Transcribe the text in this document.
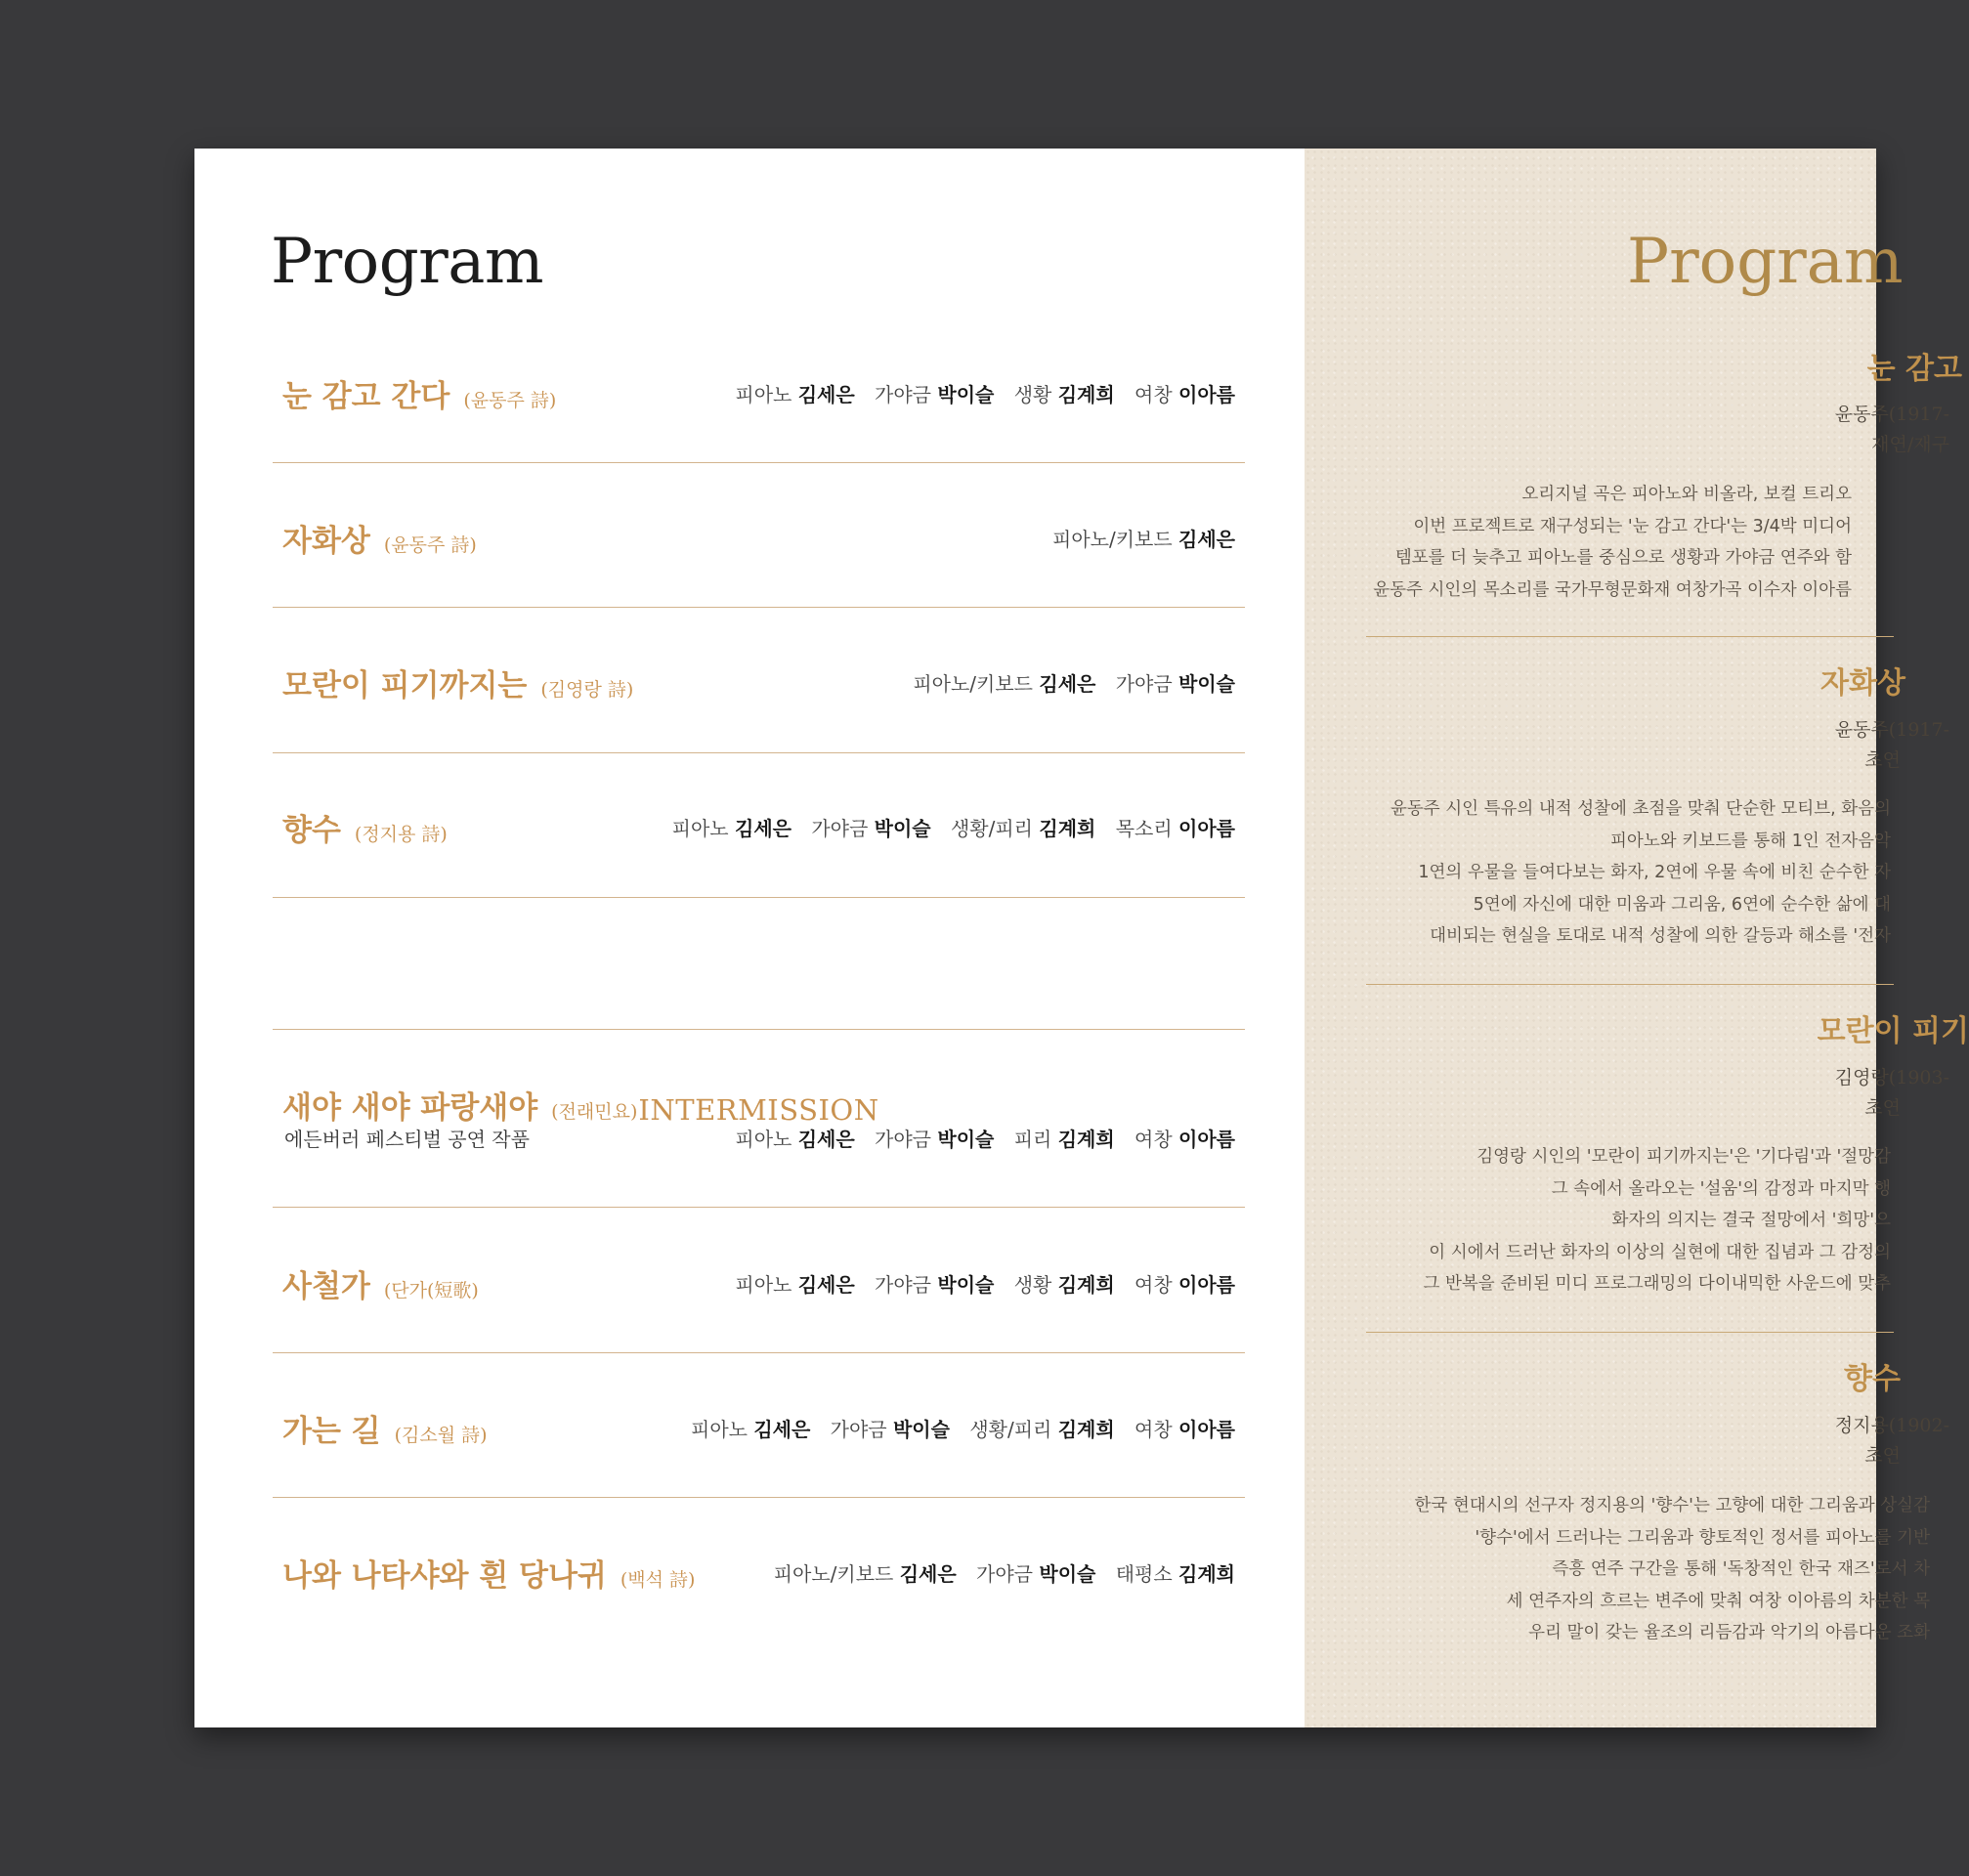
Program
눈 감고 간다 (윤동주 詩)	피아노 김세은 가야금 박이슬 생황 김계희 여창 이아름
자화상 (윤동주 詩)	피아노/키보드 김세은
모란이 피기까지는 (김영랑 詩)	피아노/키보드 김세은 가야금 박이슬
향수 (정지용 詩)	피아노 김세은 가야금 박이슬 생황/피리 김계희 목소리 이아름
INTERMISSION
새야 새야 파랑새야 (전래민요)
에든버러 페스티벌 공연 작품	피아노 김세은 가야금 박이슬 피리 김계희 여창 이아름
사철가 (단가(短歌)	피아노 김세은 가야금 박이슬 생황 김계희 여창 이아름
가는 길 (김소월 詩)	피아노 김세은 가야금 박이슬 생황/피리 김계희 여창 이아름
나와 나타샤와 흰 당나귀 (백석 詩)	피아노/키보드 김세은 가야금 박이슬 태평소 김계희
Program
눈 감고
윤동주(1917-
재연/재구
오리지널 곡은 피아노와 비올라, 보컬 트리오
이번 프로젝트로 재구성되는 '눈 감고 간다'는 3/4박 미디어
템포를 더 늦추고 피아노를 중심으로 생황과 가야금 연주와 함
윤동주 시인의 목소리를 국가무형문화재 여창가곡 이수자 이아름
자화상
윤동주(1917-
초연
윤동주 시인 특유의 내적 성찰에 초점을 맞춰 단순한 모티브, 화음의
피아노와 키보드를 통해 1인 전자음악
1연의 우물을 들여다보는 화자, 2연에 우물 속에 비친 순수한 자
5연에 자신에 대한 미움과 그리움, 6연에 순수한 삶에 대
대비되는 현실을 토대로 내적 성찰에 의한 갈등과 해소를 '전자
모란이 피기
김영랑(1903-
초연
김영랑 시인의 '모란이 피기까지는'은 '기다림'과 '절망감
그 속에서 올라오는 '설움'의 감정과 마지막 행
화자의 의지는 결국 절망에서 '희망'으
이 시에서 드러난 화자의 이상의 실현에 대한 집념과 그 감정의
그 반복을 준비된 미디 프로그래밍의 다이내믹한 사운드에 맞추
향수
정지용(1902-
초연
한국 현대시의 선구자 정지용의 '향수'는 고향에 대한 그리움과 상실감
'향수'에서 드러나는 그리움과 향토적인 정서를 피아노를 기반
즉흥 연주 구간을 통해 '독창적인 한국 재즈'로서 차
세 연주자의 흐르는 변주에 맞춰 여창 이아름의 차분한 목
우리 말이 갖는 율조의 리듬감과 악기의 아름다운 조화
